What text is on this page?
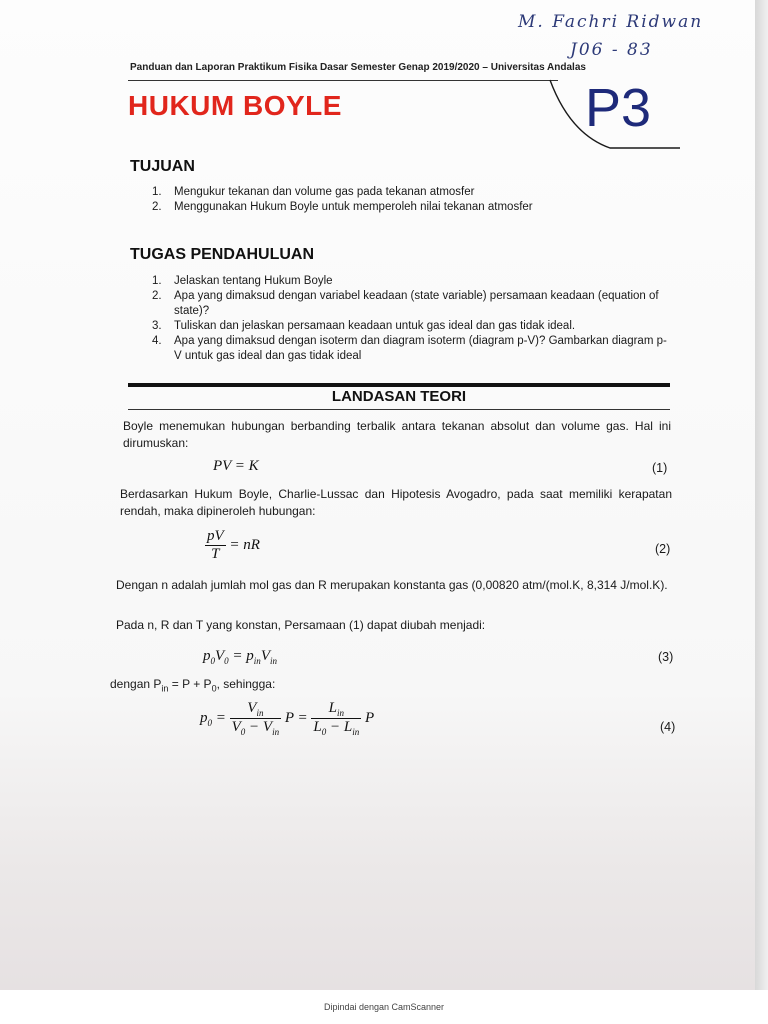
M. Fachri Ridwan
J06 - 83
Panduan dan Laporan Praktikum Fisika Dasar Semester Genap 2019/2020 – Universitas Andalas
HUKUM BOYLE	P3
TUJUAN
1. Mengukur tekanan dan volume gas pada tekanan atmosfer
2. Menggunakan Hukum Boyle untuk memperoleh nilai tekanan atmosfer
TUGAS PENDAHULUAN
1. Jelaskan tentang Hukum Boyle
2. Apa yang dimaksud dengan variabel keadaan (state variable) persamaan keadaan (equation of state)?
3. Tuliskan dan jelaskan persamaan keadaan untuk gas ideal dan gas tidak ideal.
4. Apa yang dimaksud dengan isoterm dan diagram isoterm (diagram p-V)? Gambarkan diagram p-V untuk gas ideal dan gas tidak ideal
LANDASAN TEORI
Boyle menemukan hubungan berbanding terbalik antara tekanan absolut dan volume gas. Hal ini dirumuskan:
PV = K	(1)
Berdasarkan Hukum Boyle, Charlie-Lussac dan Hipotesis Avogadro, pada saat memiliki kerapatan rendah, maka dipineroleh hubungan:
$\frac{pV}{T}$ = nR	(2)
Dengan n adalah jumlah mol gas dan R merupakan konstanta gas (0,00820 atm/(mol.K, 8,314 J/mol.K).
Pada n, R dan T yang konstan, Persamaan (1) dapat diubah menjadi:
$p_0V_0 = p_{in}V_{in}$	(3)
dengan $P_{in} = P + P_0$, sehingga:
$p_0 = \frac{V_{in}}{V_0 - V_{in}}$ $P = \frac{L_{in}}{L_0 - L_{in}}$ P
(4)
Dipindai dengan CamScanner
